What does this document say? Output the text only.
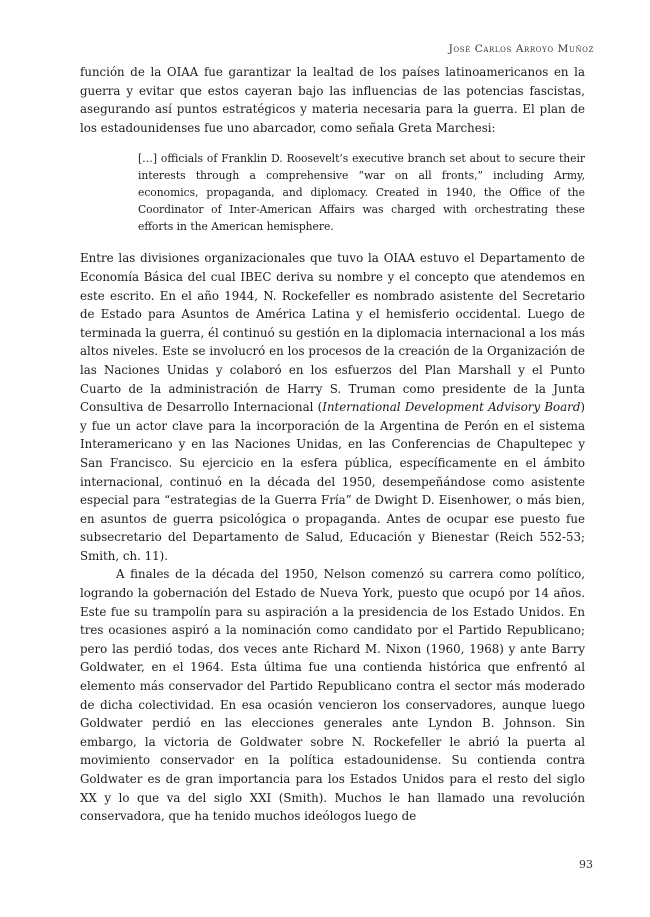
José Carlos Arroyo Muñoz

función de la OIAA fue garantizar la lealtad de los países latinoamericanos en la guerra y evitar que estos cayeran bajo las influencias de las potencias fascistas, asegurando así puntos estratégicos y materia necesaria para la guerra. El plan de los estadounidenses fue uno abarcador, como señala Greta Marchesi:

[…] officials of Franklin D. Roosevelt’s executive branch set about to secure their interests through a comprehensive “war on all fronts,” including Army, economics, propaganda, and diplomacy. Created in 1940, the Office of the Coordinator of Inter-American Affairs was charged with orchestrating these efforts in the American hemisphere.

Entre las divisiones organizacionales que tuvo la OIAA estuvo el Departamento de Economía Básica del cual IBEC deriva su nombre y el concepto que atendemos en este escrito. En el año 1944, N. Rockefeller es nombrado asistente del Secretario de Estado para Asuntos de América Latina y el hemisferio occidental. Luego de terminada la guerra, él continuó su gestión en la diplomacia internacional a los más altos niveles. Este se involucró en los procesos de la creación de la Organización de las Naciones Unidas y colaboró en los esfuerzos del Plan Marshall y el Punto Cuarto de la administración de Harry S. Truman como presidente de la Junta Consultiva de Desarrollo Internacional (International Development Advisory Board) y fue un actor clave para la incorporación de la Argentina de Perón en el sistema Interamericano y en las Naciones Unidas, en las Conferencias de Chapultepec y San Francisco. Su ejercicio en la esfera pública, específicamente en el ámbito internacional, continuó en la década del 1950, desempeñándose como asistente especial para “estrategias de la Guerra Fría” de Dwight D. Eisenhower, o más bien, en asuntos de guerra psicológica o propaganda. Antes de ocupar ese puesto fue subsecretario del Departamento de Salud, Educación y Bienestar (Reich 552-53; Smith, ch. 11).

A finales de la década del 1950, Nelson comenzó su carrera como político, logrando la gobernación del Estado de Nueva York, puesto que ocupó por 14 años. Este fue su trampolín para su aspiración a la presidencia de los Estado Unidos. En tres ocasiones aspiró a la nominación como candidato por el Partido Republicano; pero las perdió todas, dos veces ante Richard M. Nixon (1960, 1968) y ante Barry Goldwater, en el 1964. Esta última fue una contienda histórica que enfrentó al elemento más conservador del Partido Republicano contra el sector más moderado de dicha colectividad. En esa ocasión vencieron los conservadores, aunque luego Goldwater perdió en las elecciones generales ante Lyndon B. Johnson. Sin embargo, la victoria de Goldwater sobre N. Rockefeller le abrió la puerta al movimiento conservador en la política estadounidense. Su contienda contra Goldwater es de gran importancia para los Estados Unidos para el resto del siglo XX y lo que va del siglo XXI (Smith). Muchos le han llamado una revolución conservadora, que ha tenido muchos ideólogos luego de

93
